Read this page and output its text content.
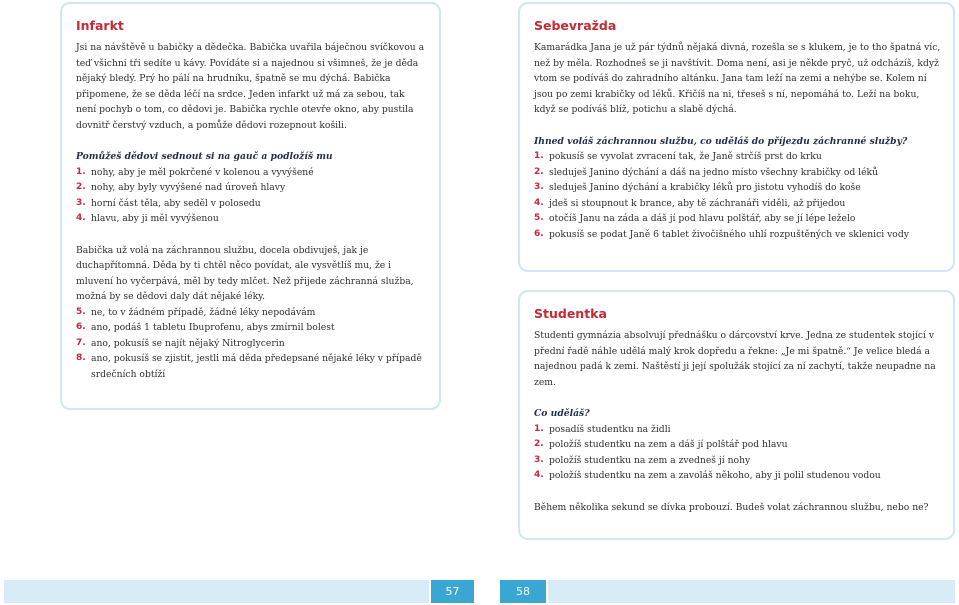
Infarkt

Jsi na návštěvě u babičky a dědečka. Babička uvařila báječnou svíčkovou a teď všichni tři sedíte u kávy. Povídáte si a najednou si všimneš, že je děda nějaký bledý. Prý ho pálí na hrudníku, špatně se mu dýchá. Babička připomene, že se děda léčí na srdce. Jeden infarkt už má za sebou, tak není pochyb o tom, co dědovi je. Babička rychle otevře okno, aby pustila dovnitř čerstvý vzduch, a pomůže dědovi rozepnout košili.

Pomůžeš dědovi sednout si na gauč a podložíš mu

1. nohy, aby je měl pokrčené v kolenou a vyvýšené
2. nohy, aby byly vyvýšené nad úroveň hlavy
3. horní část těla, aby seděl v polosedu
4. hlavu, aby ji měl vyvýšenou

Babička už volá na záchrannou službu, docela obdivuješ, jak je duchapřítomná. Děda by ti chtěl něco povídat, ale vysvětlíš mu, že i mluvení ho vyčerpává, měl by tedy mlčet. Než přijede záchranná služba, možná by se dědovi daly dát nějaké léky.

5. ne, to v žádném případě, žádné léky nepodávám
6. ano, podáš 1 tabletu Ibuprofenu, abys zmírnil bolest
7. ano, pokusíš se najít nějaký Nitroglycerin
8. ano, pokusíš se zjistit, jestli má děda předepsané nějaké léky v případě srdečních obtíží
Sebevražda

Kamarádka Jana je už pár týdnů nějaká divná, rozešla se s klukem, je to tho špatná víc, než by měla. Rozhodneš se ji navštívit. Doma není, asi je někde pryč, už odcházíš, když vtom se podíváš do zahradního altánku. Jana tam leží na zemi a nehýbe se. Kolem ní jsou po zemi krabičky od léků. Křičíš na ni, třeseš s ní, nepomáhá to. Leží na boku, když se podíváš blíž, potichu a slabě dýchá.

Ihned voláš záchrannou službu, co uděláš do příjezdu záchranné služby?

1. pokusíš se vyvolat zvracení tak, že Janě strčíš prst do krku
2. sleduješ Janino dýchání a dáš na jedno místo všechny krabičky od léků
3. sleduješ Janino dýchání a krabičky léků pro jistotu vyhodíš do koše
4. jdeš si stoupnout k brance, aby tě záchranáři viděli, až přijedou
5. otočíš Janu na záda a dáš jí pod hlavu polštář, aby se jí lépe leželo
6. pokusíš se podat Janě 6 tablet živočišného uhlí rozpuštěných ve sklenici vody
Studentka

Studenti gymnázia absolvují přednášku o dárcovství krve. Jedna ze studentek stojící v přední řadě náhle udělá malý krok dopředu a řekne: „Je mi špatně.“ Je velice bledá a najednou padá k zemi. Naštěstí ji její spolužák stojící za ní zachytí, takže neupadne na zem.

Co uděláš?

1. posadíš studentku na židli
2. položíš studentku na zem a dáš jí polštář pod hlavu
3. položíš studentku na zem a zvedneš jí nohy
4. položíš studentku na zem a zavoláš někoho, aby ji polil studenou vodou

Během několika sekund se dívka probouzí. Budeš volat záchrannou službu, nebo ne?

57	58
